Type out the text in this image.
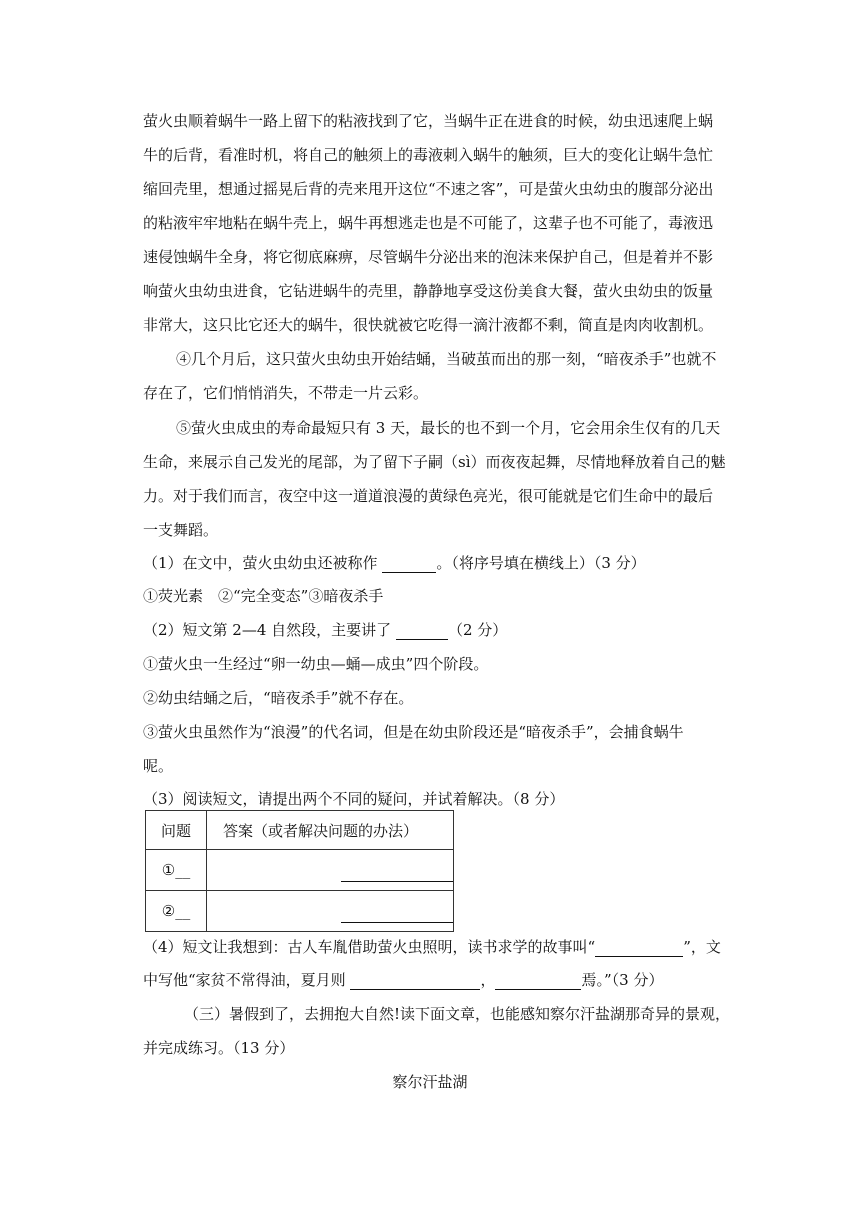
萤火虫顺着蜗牛一路上留下的粘液找到了它，当蜗牛正在进食的时候，幼虫迅速爬上蜗
牛的后背，看准时机，将自己的触须上的毒液刺入蜗牛的触须，巨大的变化让蜗牛急忙
缩回壳里，想通过摇晃后背的壳来甩开这位“不速之客”，可是萤火虫幼虫的腹部分泌出
的粘液牢牢地粘在蜗牛壳上，蜗牛再想逃走也是不可能了，这辈子也不可能了，毒液迅
速侵蚀蜗牛全身，将它彻底麻痹，尽管蜗牛分泌出来的泡沫来保护自己，但是着并不影
响萤火虫幼虫进食，它钻进蜗牛的壳里，静静地享受这份美食大餐，萤火虫幼虫的饭量
非常大，这只比它还大的蜗牛，很快就被它吃得一滴汁液都不剩，简直是肉肉收割机。
④几个月后，这只萤火虫幼虫开始结蛹，当破茧而出的那一刻，“暗夜杀手”也就不
存在了，它们悄悄消失，不带走一片云彩。
⑤萤火虫成虫的寿命最短只有 3 天，最长的也不到一个月，它会用余生仅有的几天
生命，来展示自己发光的尾部，为了留下子嗣（sì）而夜夜起舞，尽情地释放着自己的魅
力。对于我们而言，夜空中这一道道浪漫的黄绿色亮光，很可能就是它们生命中的最后
一支舞蹈。
（1）在文中，萤火虫幼虫还被称作	。（将序号填在横线上）（3 分）
①荧光素　②“完全变态”③暗夜杀手
（2）短文第 2—4 自然段，主要讲了	（2 分）
①萤火虫一生经过“卵一幼虫—蛹—成虫”四个阶段。
②幼虫结蛹之后，“暗夜杀手”就不存在。
③萤火虫虽然作为“浪漫”的代名词，但是在幼虫阶段还是“暗夜杀手”，会捕食蜗牛
呢。
（3）阅读短文，请提出两个不同的疑问，并试着解决。（8 分）
问题	答案（或者解决问题的办法）
①__	
②__	
（4）短文让我想到：古人车胤借助萤火虫照明，读书求学的故事叫“	”，文
中写他“家贫不常得油，夏月则	，	焉。”（3 分）
（三）暑假到了，去拥抱大自然!读下面文章，也能感知察尔汗盐湖那奇异的景观，
并完成练习。（13 分）
察尔汗盐湖
